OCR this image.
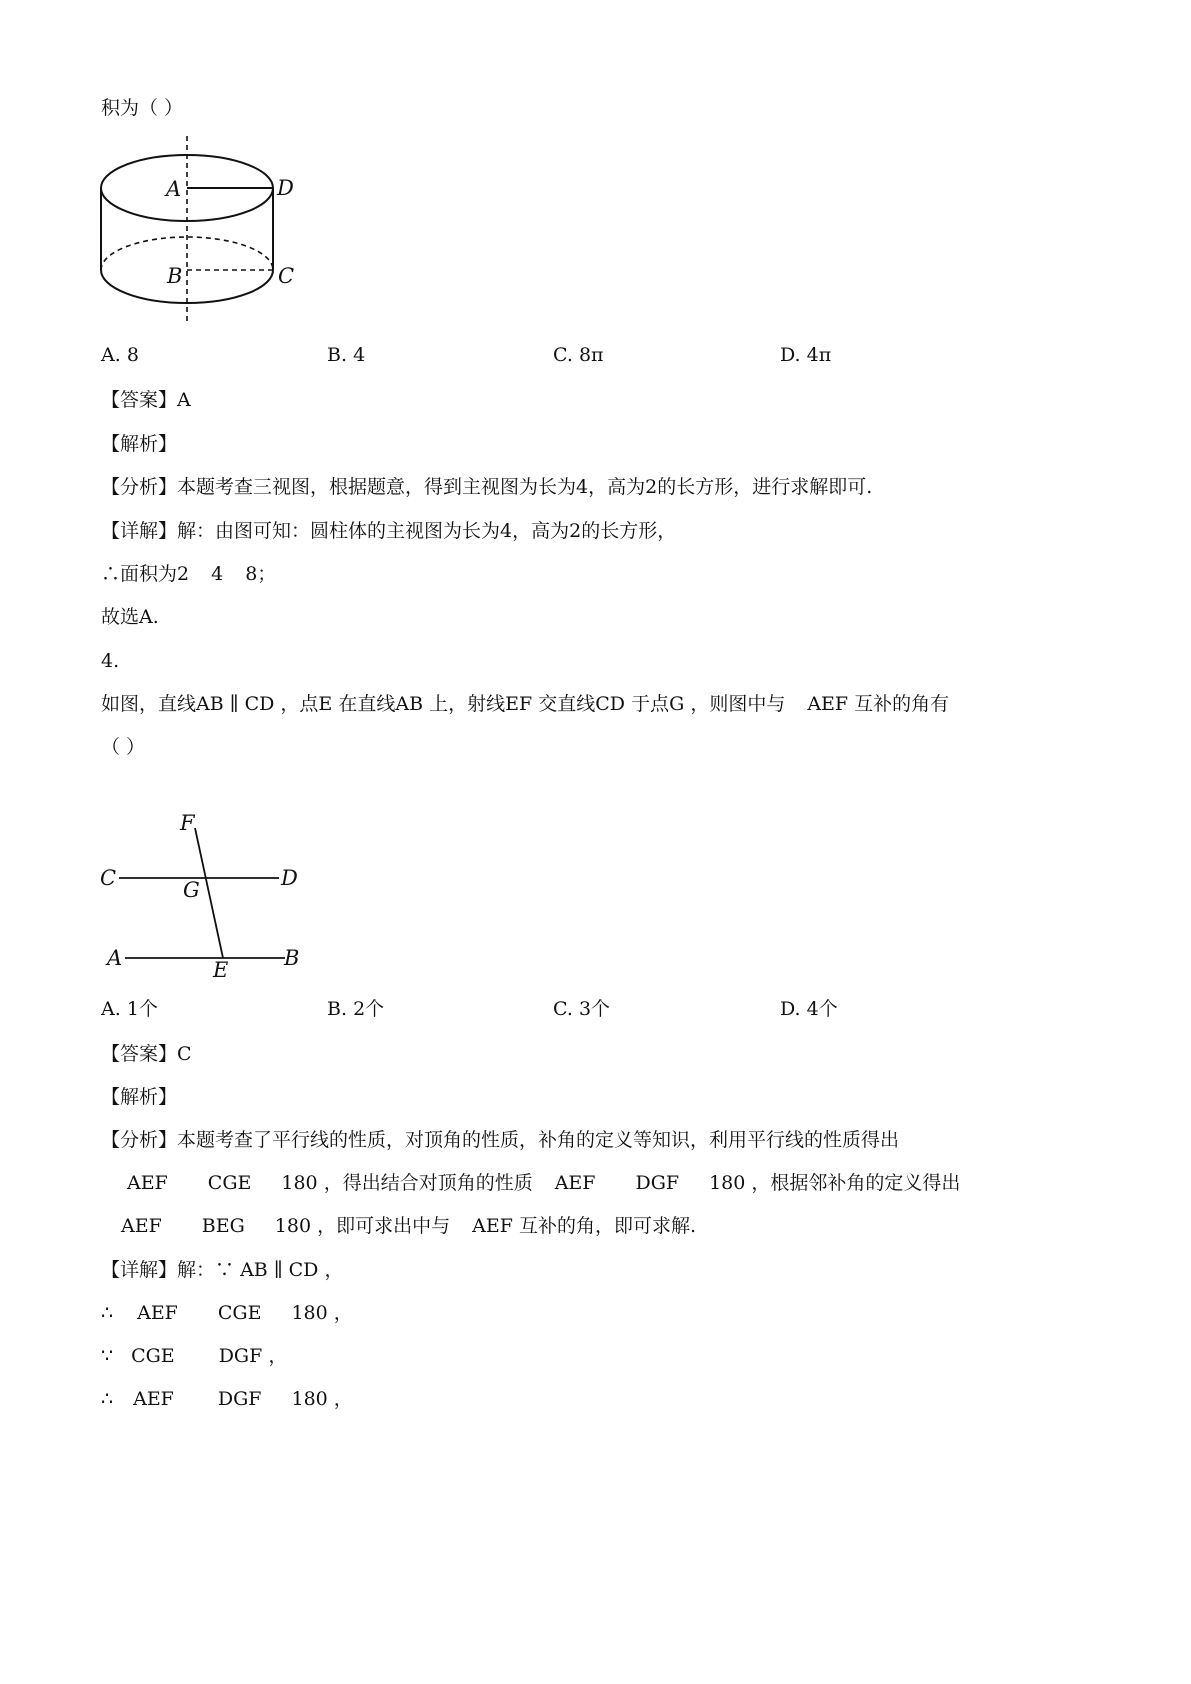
积为（ ）
A	D
B	C
A. 8	B. 4	C. 8π	D. 4π
【答案】A
【解析】
【分析】本题考查三视图，根据题意，得到主视图为长为4，高为2的长方形，进行求解即可.
【详解】解：由图可知：圆柱体的主视图为长为4，高为2的长方形，
∴面积为2 4 8；
故选A.
4.
如图，直线AB ∥ CD ，点E 在直线AB 上，射线EF 交直线CD 于点G ，则图中与 AEF 互补的角有
（ ）
F
C	G	D
A	E	B
A. 1个	B. 2个	C. 3个	D. 4个
【答案】C
【解析】
【分析】本题考查了平行线的性质，对顶角的性质，补角的定义等知识，利用平行线的性质得出
AEF CGE 180 ，得出结合对顶角的性质 AEF DGF 180 ，根据邻补角的定义得出
AEF BEG 180 ，即可求出中与 AEF 互补的角，即可求解.
【详解】解：∵ AB ∥ CD ，
∴ AEF CGE 180 ，
∵ CGE DGF ，
∴ AEF DGF 180 ，
